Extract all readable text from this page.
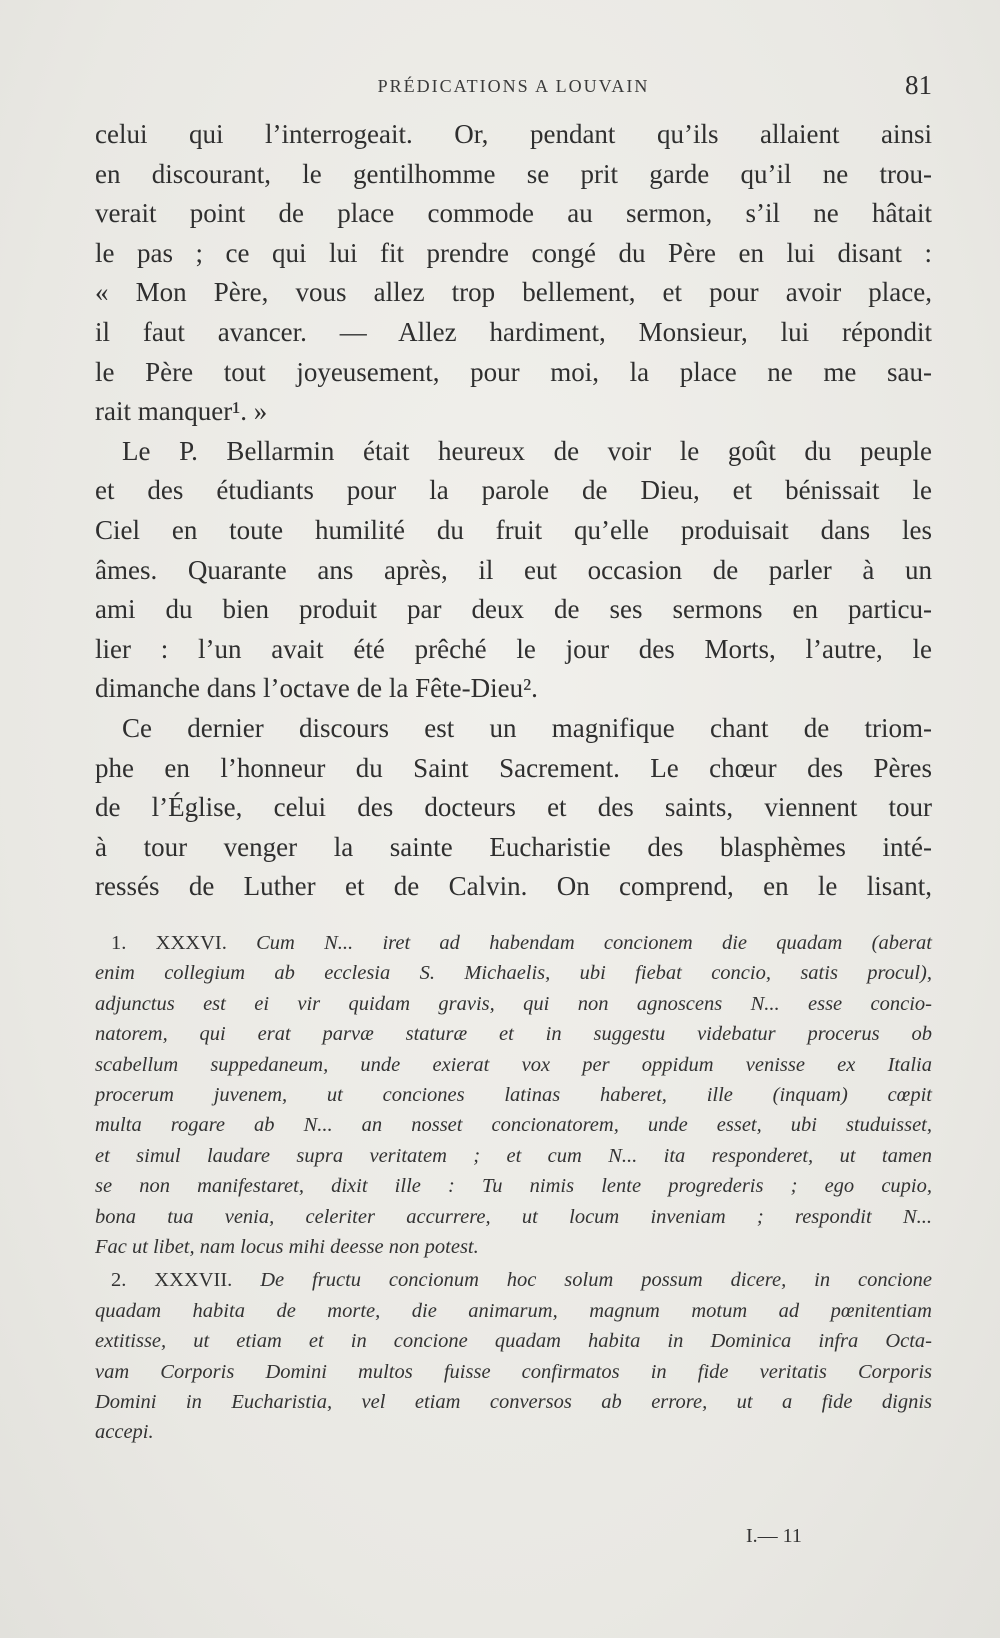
PRÉDICATIONS A LOUVAIN	81
celui qui l’interrogeait. Or, pendant qu’ils allaient ainsi
en discourant, le gentilhomme se prit garde qu’il ne trou-
verait point de place commode au sermon, s’il ne hâtait
le pas ; ce qui lui fit prendre congé du Père en lui disant :
« Mon Père, vous allez trop bellement, et pour avoir place,
il faut avancer. — Allez hardiment, Monsieur, lui répondit
le Père tout joyeusement, pour moi, la place ne me sau-
rait manquer¹. »
Le P. Bellarmin était heureux de voir le goût du peuple
et des étudiants pour la parole de Dieu, et bénissait le
Ciel en toute humilité du fruit qu’elle produisait dans les
âmes. Quarante ans après, il eut occasion de parler à un
ami du bien produit par deux de ses sermons en particu-
lier : l’un avait été prêché le jour des Morts, l’autre, le
dimanche dans l’octave de la Fête-Dieu².
Ce dernier discours est un magnifique chant de triom-
phe en l’honneur du Saint Sacrement. Le chœur des Pères
de l’Église, celui des docteurs et des saints, viennent tour
à tour venger la sainte Eucharistie des blasphèmes inté-
ressés de Luther et de Calvin. On comprend, en le lisant,
1. XXXVI. Cum N... iret ad habendam concionem die quadam (aberat
enim collegium ab ecclesia S. Michaelis, ubi fiebat concio, satis procul),
adjunctus est ei vir quidam gravis, qui non agnoscens N... esse concio-
natorem, qui erat parvæ staturæ et in suggestu videbatur procerus ob
scabellum suppedaneum, unde exierat vox per oppidum venisse ex Italia
procerum juvenem, ut conciones latinas haberet, ille (inquam) cœpit
multa rogare ab N... an nosset concionatorem, unde esset, ubi studuisset,
et simul laudare supra veritatem ; et cum N... ita responderet, ut tamen
se non manifestaret, dixit ille : Tu nimis lente progrederis ; ego cupio,
bona tua venia, celeriter accurrere, ut locum inveniam ; respondit N...
Fac ut libet, nam locus mihi deesse non potest.
2. XXXVII. De fructu concionum hoc solum possum dicere, in concione
quadam habita de morte, die animarum, magnum motum ad pœnitentiam
extitisse, ut etiam et in concione quadam habita in Dominica infra Octa-
vam Corporis Domini multos fuisse confirmatos in fide veritatis Corporis
Domini in Eucharistia, vel etiam conversos ab errore, ut a fide dignis
accepi.
I.— 11
